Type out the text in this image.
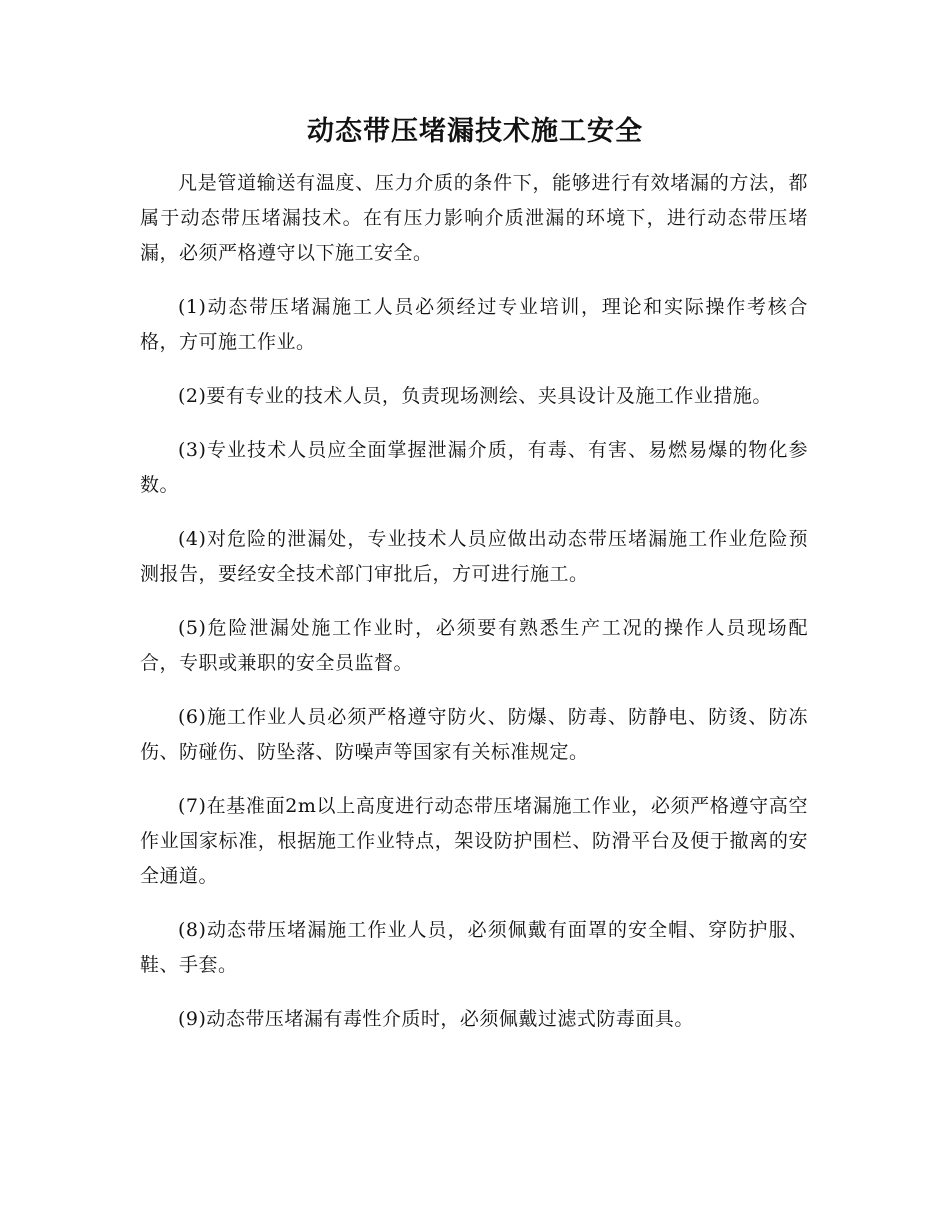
动态带压堵漏技术施工安全

凡是管道输送有温度、压力介质的条件下，能够进行有效堵漏的方法，都属于动态带压堵漏技术。在有压力影响介质泄漏的环境下，进行动态带压堵漏，必须严格遵守以下施工安全。

(1)动态带压堵漏施工人员必须经过专业培训，理论和实际操作考核合格，方可施工作业。

(2)要有专业的技术人员，负责现场测绘、夹具设计及施工作业措施。

(3)专业技术人员应全面掌握泄漏介质，有毒、有害、易燃易爆的物化参数。

(4)对危险的泄漏处，专业技术人员应做出动态带压堵漏施工作业危险预测报告，要经安全技术部门审批后，方可进行施工。

(5)危险泄漏处施工作业时，必须要有熟悉生产工况的操作人员现场配合，专职或兼职的安全员监督。

(6)施工作业人员必须严格遵守防火、防爆、防毒、防静电、防烫、防冻伤、防碰伤、防坠落、防噪声等国家有关标准规定。

(7)在基准面2m以上高度进行动态带压堵漏施工作业，必须严格遵守高空作业国家标准，根据施工作业特点，架设防护围栏、防滑平台及便于撤离的安全通道。

(8)动态带压堵漏施工作业人员，必须佩戴有面罩的安全帽、穿防护服、鞋、手套。

(9)动态带压堵漏有毒性介质时，必须佩戴过滤式防毒面具。
